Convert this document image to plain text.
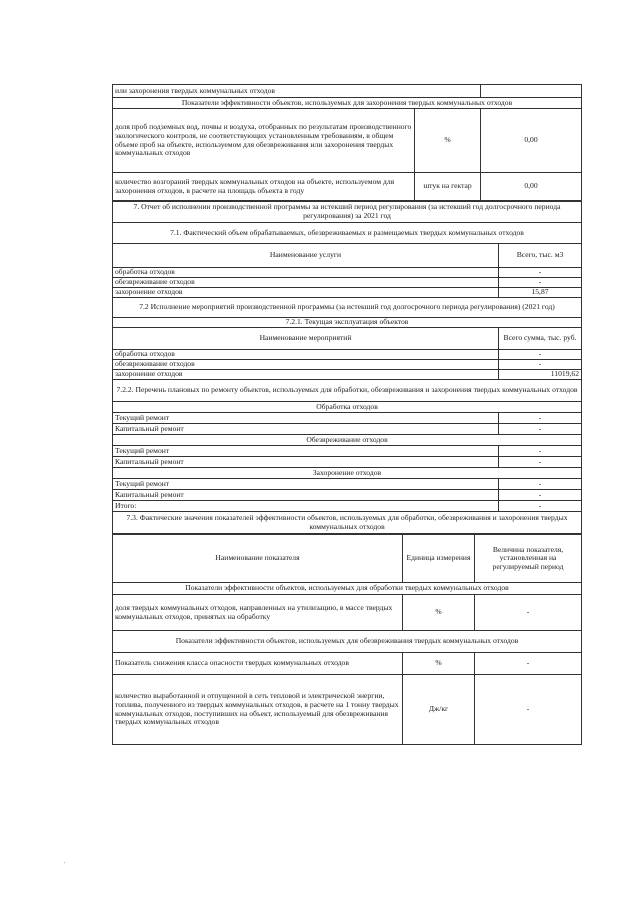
или захоронения твердых коммунальных отходов		
Показатели эффективности объектов, используемых для захоронения твердых коммунальных отходов		
доля проб подземных вод, почвы и воздуха, отобранных по результатам производственного экологического контроля, не соответствующих установленным требованиям, в общем объеме проб на объекте, используемом для обезвреживания или захоронения твердых коммунальных отходов	%	0,00
количество возгораний твердых коммунальных отходов на объекте, используемом для захоронения отходов, в расчете на площадь объекта в году	штук на гектар	0,00
7. Отчет об исполнении производственной программы за истекший период регулирования (за истекший год долгосрочного периода регулирования) за 2021 год	
7.1. Фактический объем обрабатываемых, обезвреживаемых и размещаемых твердых коммунальных отходов	
Наименование услуги	Всего, тыс. м3
обработка отходов	-
обезвреживание отходов	-
захоронение отходов	15,87
7.2 Исполнение мероприятий производственной программы (за истекший год долгосрочного периода регулирования) (2021 год)	
7.2.1. Текущая эксплуатация объектов	
Наименование мероприятий	Всего сумма, тыс. руб.
обработка отходов	-
обезвреживание отходов	-
захоронение отходов	11019,62
7.2.2. Перечень плановых по ремонту объектов, используемых для обработки, обезвреживания и захоронения твердых коммунальных отходов	
Обработка отходов	
Текущий ремонт	-
Капитальный ремонт	-
Обезвреживание отходов	
Текущий ремонт	-
Капитальный ремонт	-
Захоронение отходов	
Текущий ремонт	-
Капитальный ремонт	-
Итого:	-
7.3. Фактические значения показателей эффективности объектов, используемых для обработки, обезвреживания и захоронения твердых коммунальных отходов	
Наименование показателя	Единица измерения	Величина показателя, установленная на регулируемый период
Показатели эффективности объектов, используемых для обработки твердых коммунальных отходов		
доля твердых коммунальных отходов, направленных на утилизацию, в массе твердых коммунальных отходов, принятых на обработку	%	-
Показатели эффективности объектов, используемых для обезвреживания твердых коммунальных отходов		
Показатель снижения класса опасности твердых коммунальных отходов	%	-
количество выработанной и отпущенной в сеть тепловой и электрической энергии, топлива, полученного из твердых коммунальных отходов, в расчете на 1 тонну твердых коммунальных отходов, поступивших на объект, используемый для обезвреживания твердых коммунальных отходов	Дж/кг	-
'
